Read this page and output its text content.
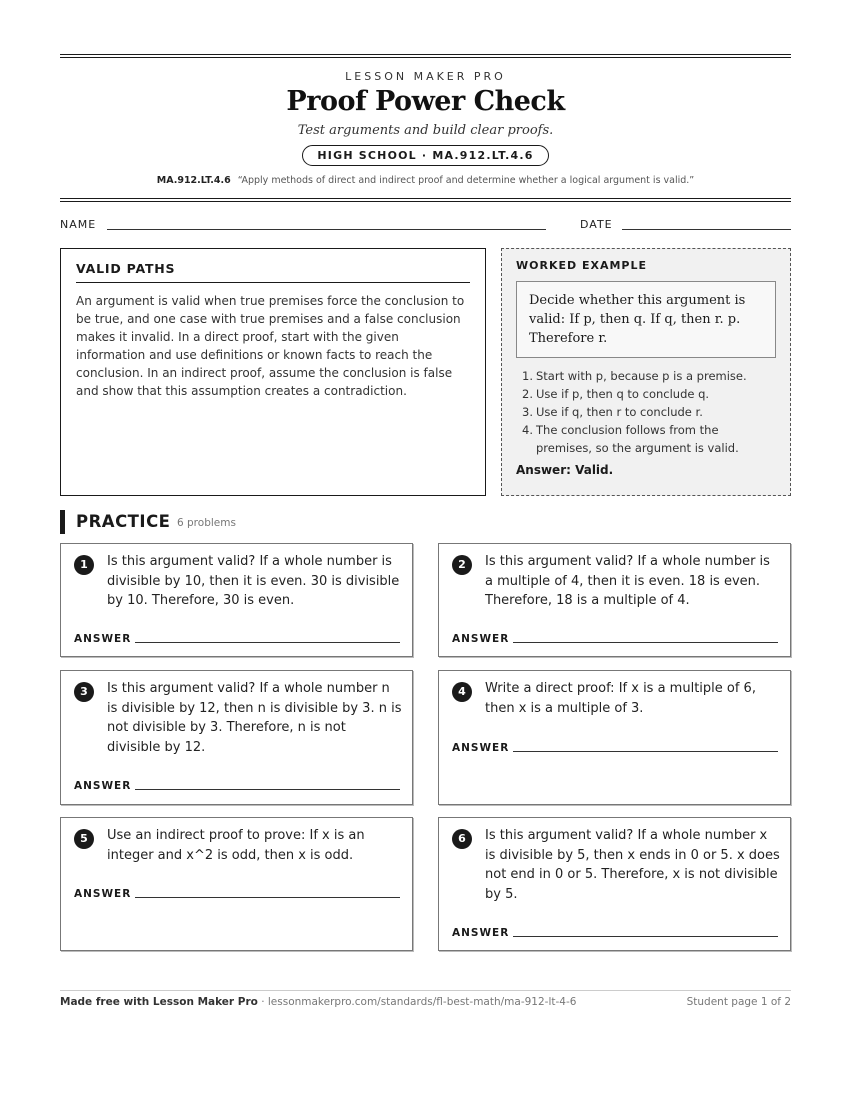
LESSON MAKER PRO
Proof Power Check
Test arguments and build clear proofs.
HIGH SCHOOL · MA.912.LT.4.6
MA.912.LT.4.6 “Apply methods of direct and indirect proof and determine whether a logical argument is valid.”
NAME	DATE
VALID PATHS
An argument is valid when true premises force the conclusion to be true, and one case with true premises and a false conclusion makes it invalid. In a direct proof, start with the given information and use definitions or known facts to reach the conclusion. In an indirect proof, assume the conclusion is false and show that this assumption creates a contradiction.
WORKED EXAMPLE
Decide whether this argument is valid: If p, then q. If q, then r. p. Therefore r.
1. Start with p, because p is a premise.
2. Use if p, then q to conclude q.
3. Use if q, then r to conclude r.
4. The conclusion follows from the premises, so the argument is valid.
Answer: Valid.
PRACTICE 6 problems
1	Is this argument valid? If a whole number is divisible by 10, then it is even. 30 is divisible by 10. Therefore, 30 is even.
ANSWER
2	Is this argument valid? If a whole number is a multiple of 4, then it is even. 18 is even. Therefore, 18 is a multiple of 4.
ANSWER
3	Is this argument valid? If a whole number n is divisible by 12, then n is divisible by 3. n is not divisible by 3. Therefore, n is not divisible by 12.
ANSWER
4	Write a direct proof: If x is a multiple of 6, then x is a multiple of 3.
ANSWER
5	Use an indirect proof to prove: If x is an integer and x^2 is odd, then x is odd.
ANSWER
6	Is this argument valid? If a whole number x is divisible by 5, then x ends in 0 or 5. x does not end in 0 or 5. Therefore, x is not divisible by 5.
ANSWER
Made free with Lesson Maker Pro · lessonmakerpro.com/standards/fl-best-math/ma-912-lt-4-6	Student page 1 of 2
